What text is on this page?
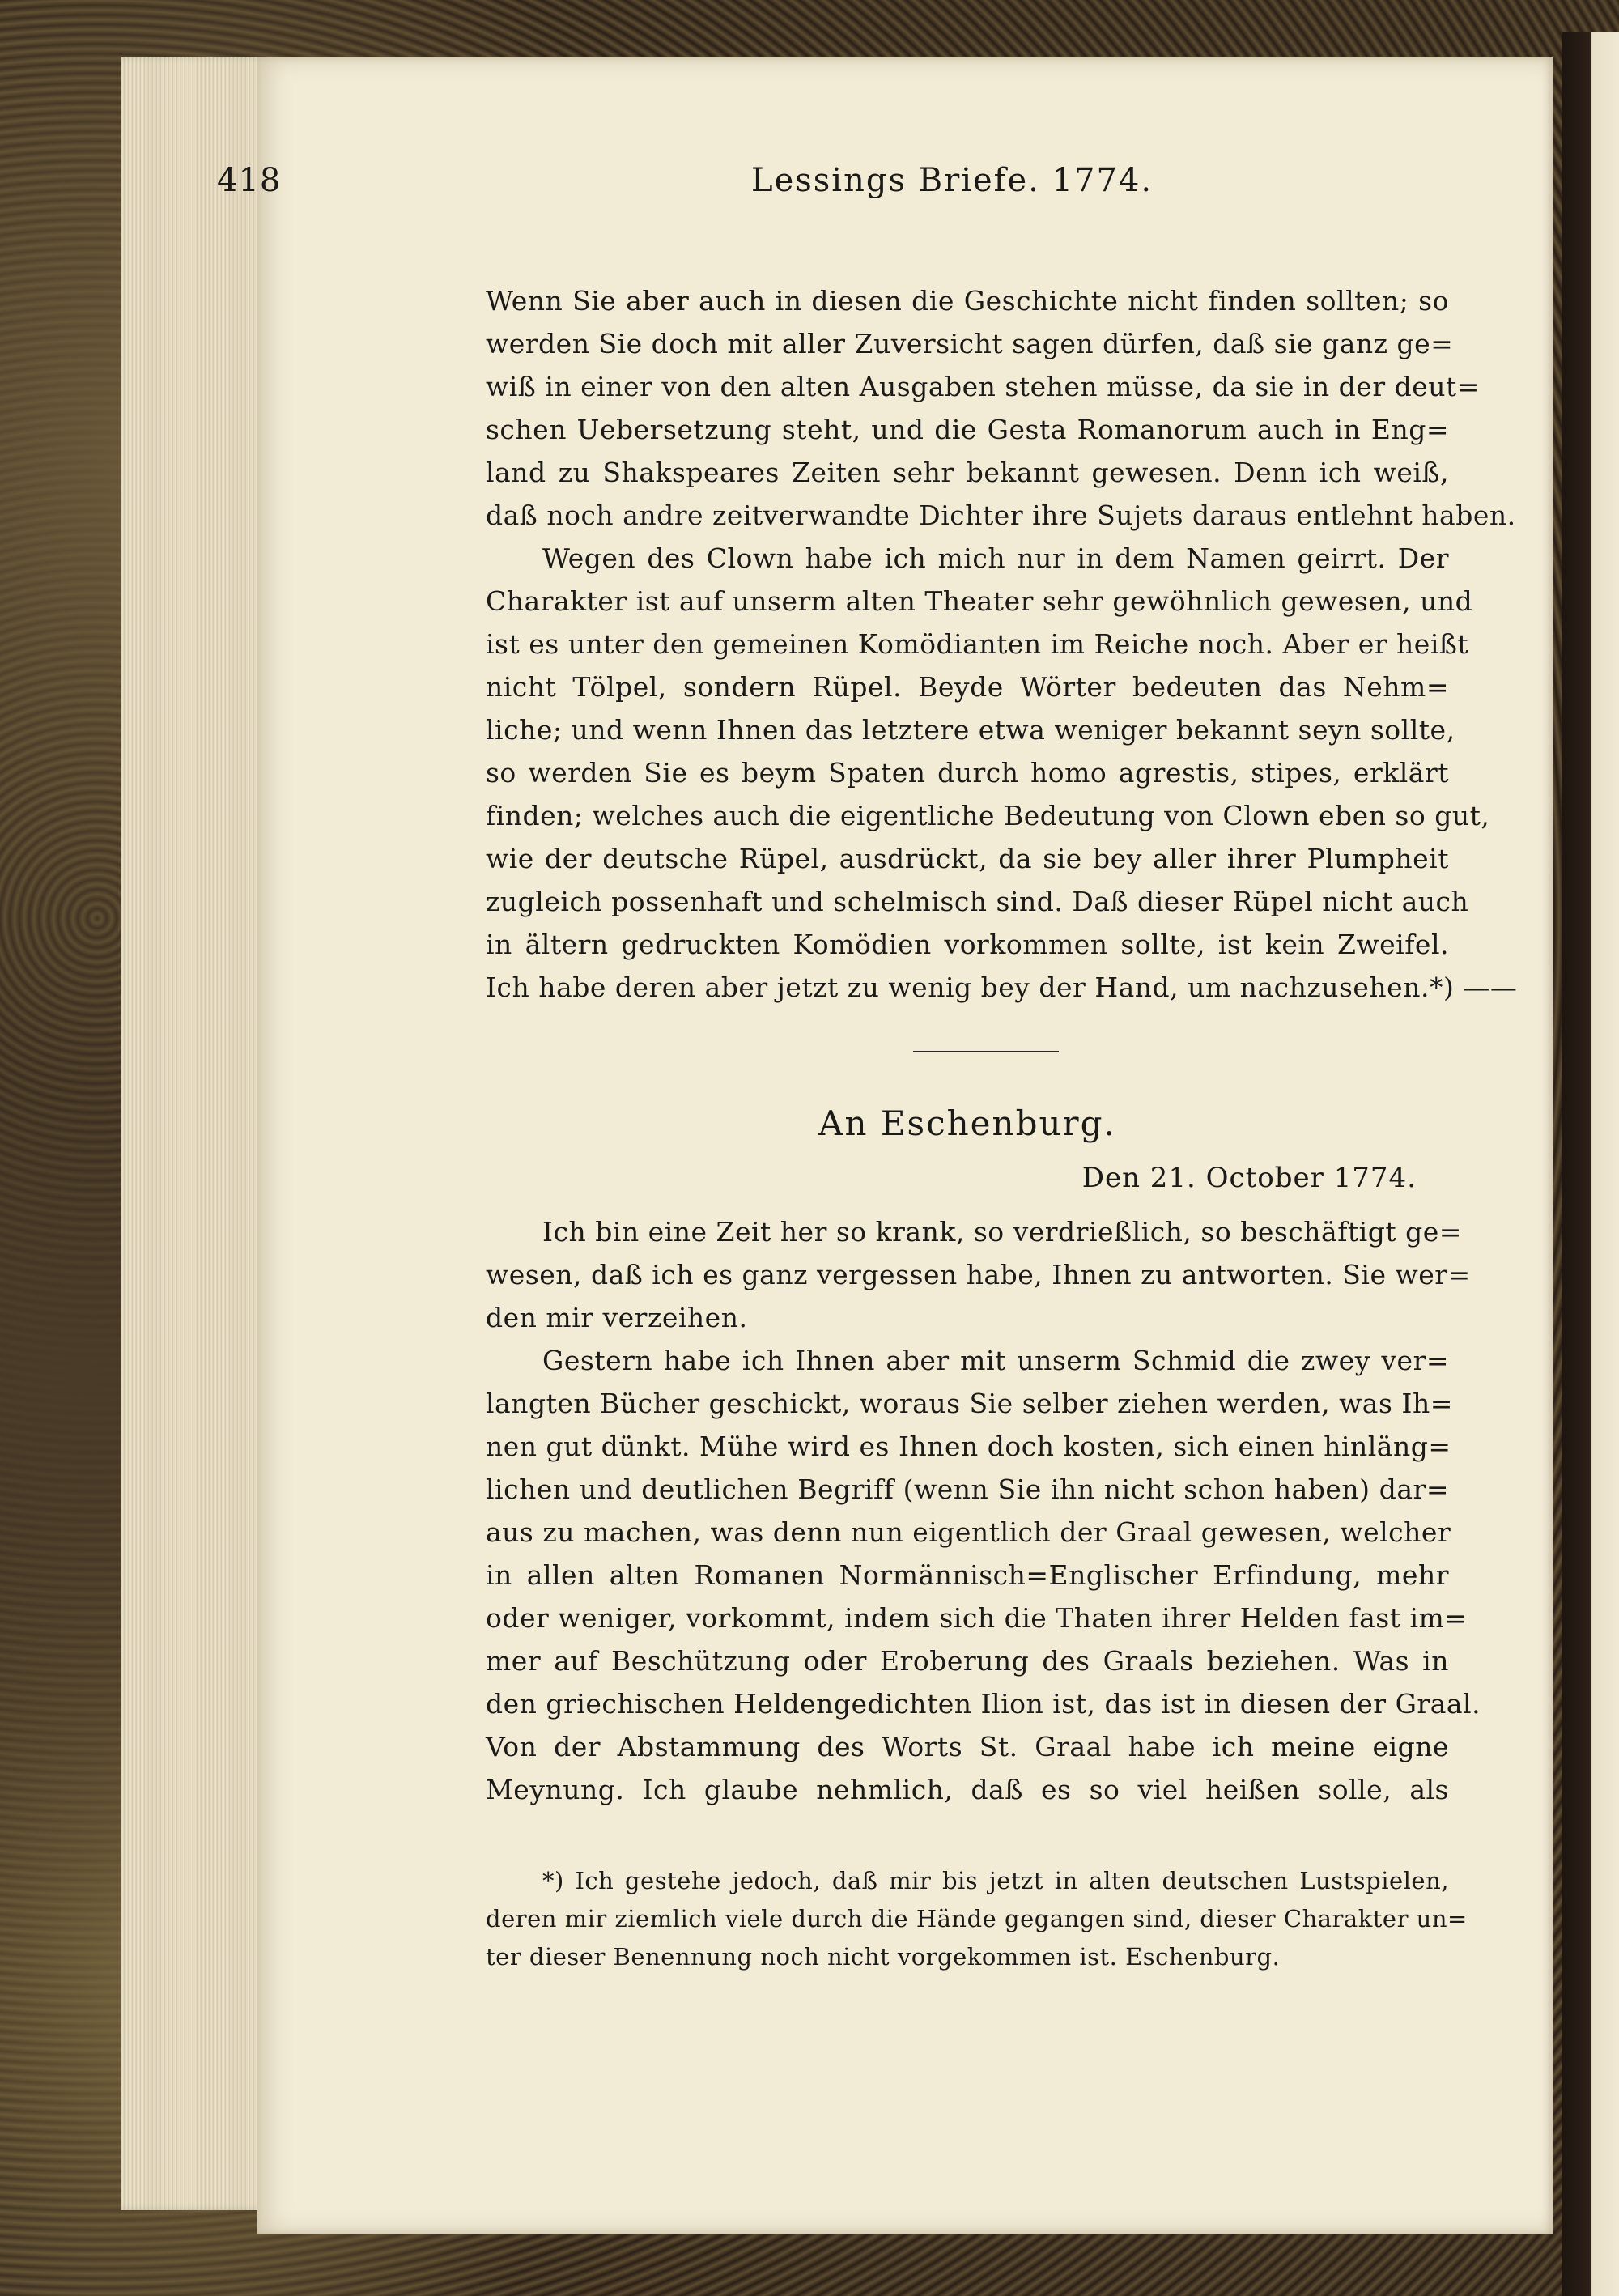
418	Lessings Briefe. 1774.
Wenn Sie aber auch in diesen die Geschichte nicht finden sollten; so
werden Sie doch mit aller Zuversicht sagen dürfen, daß sie ganz ge=
wiß in einer von den alten Ausgaben stehen müsse, da sie in der deut=
schen Uebersetzung steht, und die Gesta Romanorum auch in Eng=
land zu Shakspeares Zeiten sehr bekannt gewesen. Denn ich weiß,
daß noch andre zeitverwandte Dichter ihre Sujets daraus entlehnt haben.
Wegen des Clown habe ich mich nur in dem Namen geirrt. Der
Charakter ist auf unserm alten Theater sehr gewöhnlich gewesen, und
ist es unter den gemeinen Komödianten im Reiche noch. Aber er heißt
nicht Tölpel, sondern Rüpel. Beyde Wörter bedeuten das Nehm=
liche; und wenn Ihnen das letztere etwa weniger bekannt seyn sollte,
so werden Sie es beym Spaten durch homo agrestis, stipes, erklärt
finden; welches auch die eigentliche Bedeutung von Clown eben so gut,
wie der deutsche Rüpel, ausdrückt, da sie bey aller ihrer Plumpheit
zugleich possenhaft und schelmisch sind. Daß dieser Rüpel nicht auch
in ältern gedruckten Komödien vorkommen sollte, ist kein Zweifel.
Ich habe deren aber jetzt zu wenig bey der Hand, um nachzusehen.*) ——
An Eschenburg.
Den 21. October 1774.
Ich bin eine Zeit her so krank, so verdrießlich, so beschäftigt ge=
wesen, daß ich es ganz vergessen habe, Ihnen zu antworten. Sie wer=
den mir verzeihen.
Gestern habe ich Ihnen aber mit unserm Schmid die zwey ver=
langten Bücher geschickt, woraus Sie selber ziehen werden, was Ih=
nen gut dünkt. Mühe wird es Ihnen doch kosten, sich einen hinläng=
lichen und deutlichen Begriff (wenn Sie ihn nicht schon haben) dar=
aus zu machen, was denn nun eigentlich der Graal gewesen, welcher
in allen alten Romanen Normännisch=Englischer Erfindung, mehr
oder weniger, vorkommt, indem sich die Thaten ihrer Helden fast im=
mer auf Beschützung oder Eroberung des Graals beziehen. Was in
den griechischen Heldengedichten Ilion ist, das ist in diesen der Graal.
Von der Abstammung des Worts St. Graal habe ich meine eigne
Meynung. Ich glaube nehmlich, daß es so viel heißen solle, als
*) Ich gestehe jedoch, daß mir bis jetzt in alten deutschen Lustspielen,
deren mir ziemlich viele durch die Hände gegangen sind, dieser Charakter un=
ter dieser Benennung noch nicht vorgekommen ist. Eschenburg.
